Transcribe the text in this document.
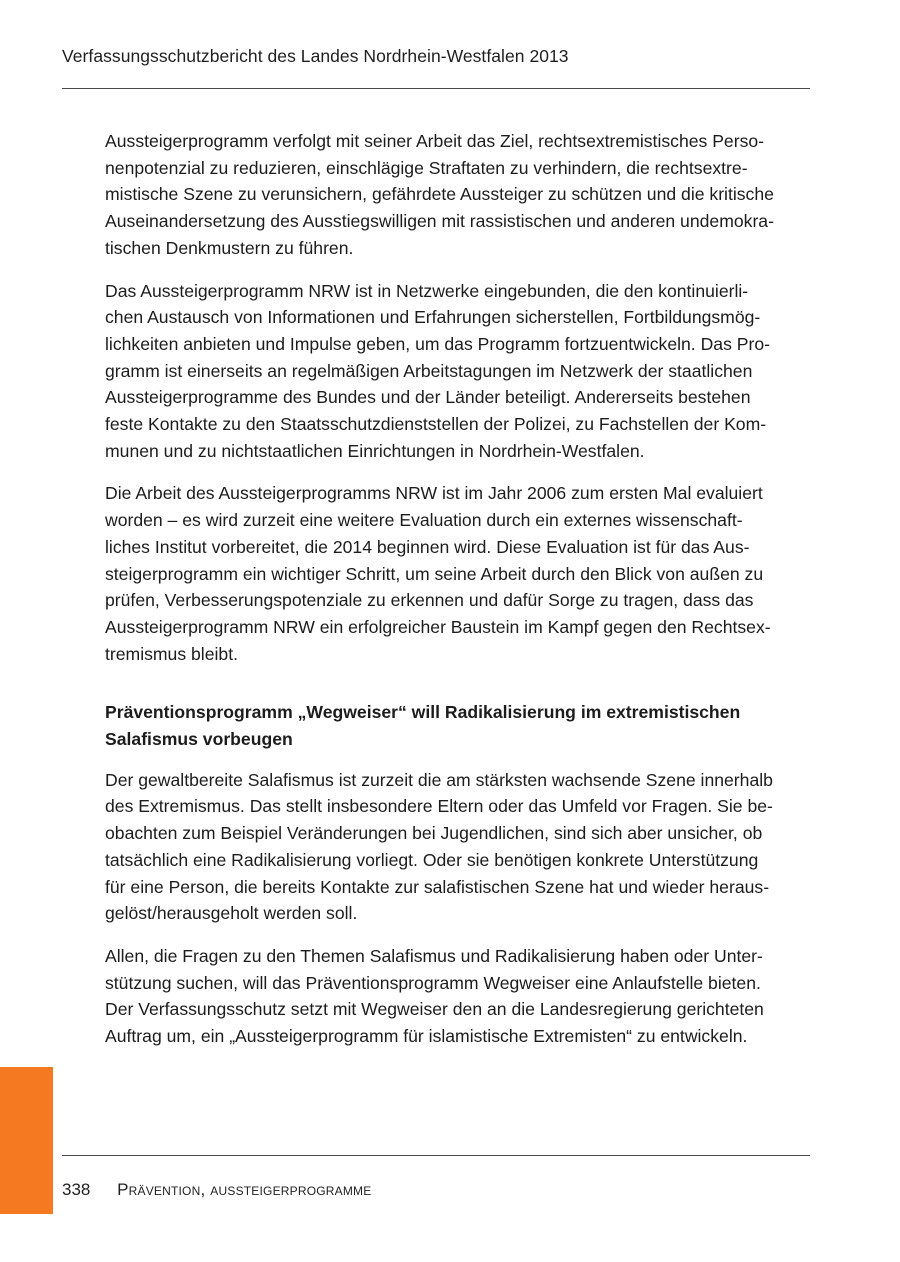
Verfassungsschutzbericht des Landes Nordrhein-Westfalen 2013
Aussteigerprogramm verfolgt mit seiner Arbeit das Ziel, rechtsextremistisches Perso-
nenpotenzial zu reduzieren, einschlägige Straftaten zu verhindern, die rechtsextre-
mistische Szene zu verunsichern, gefährdete Aussteiger zu schützen und die kritische
Auseinandersetzung des Ausstiegswilligen mit rassistischen und anderen undemokra-
tischen Denkmustern zu führen.
Das Aussteigerprogramm NRW ist in Netzwerke eingebunden, die den kontinuierli-
chen Austausch von Informationen und Erfahrungen sicherstellen, Fortbildungsmög-
lichkeiten anbieten und Impulse geben, um das Programm fortzuentwickeln. Das Pro-
gramm ist einerseits an regelmäßigen Arbeitstagungen im Netzwerk der staatlichen
Aussteigerprogramme des Bundes und der Länder beteiligt. Andererseits bestehen
feste Kontakte zu den Staatsschutzdienststellen der Polizei, zu Fachstellen der Kom-
munen und zu nichtstaatlichen Einrichtungen in Nordrhein-Westfalen.
Die Arbeit des Aussteigerprogramms NRW ist im Jahr 2006 zum ersten Mal evaluiert
worden – es wird zurzeit eine weitere Evaluation durch ein externes wissenschaft-
liches Institut vorbereitet, die 2014 beginnen wird. Diese Evaluation ist für das Aus-
steigerprogramm ein wichtiger Schritt, um seine Arbeit durch den Blick von außen zu
prüfen, Verbesserungspotenziale zu erkennen und dafür Sorge zu tragen, dass das
Aussteigerprogramm NRW ein erfolgreicher Baustein im Kampf gegen den Rechtsex-
tremismus bleibt.
Präventionsprogramm „Wegweiser“ will Radikalisierung im extremistischen
Salafismus vorbeugen
Der gewaltbereite Salafismus ist zurzeit die am stärksten wachsende Szene innerhalb
des Extremismus. Das stellt insbesondere Eltern oder das Umfeld vor Fragen. Sie be-
obachten zum Beispiel Veränderungen bei Jugendlichen, sind sich aber unsicher, ob
tatsächlich eine Radikalisierung vorliegt. Oder sie benötigen konkrete Unterstützung
für eine Person, die bereits Kontakte zur salafistischen Szene hat und wieder heraus-
gelöst/herausgeholt werden soll.
Allen, die Fragen zu den Themen Salafismus und Radikalisierung haben oder Unter-
stützung suchen, will das Präventionsprogramm Wegweiser eine Anlaufstelle bieten.
Der Verfassungsschutz setzt mit Wegweiser den an die Landesregierung gerichteten
Auftrag um, ein „Aussteigerprogramm für islamistische Extremisten“ zu entwickeln.
338 Prävention, aussteigerprogramme
